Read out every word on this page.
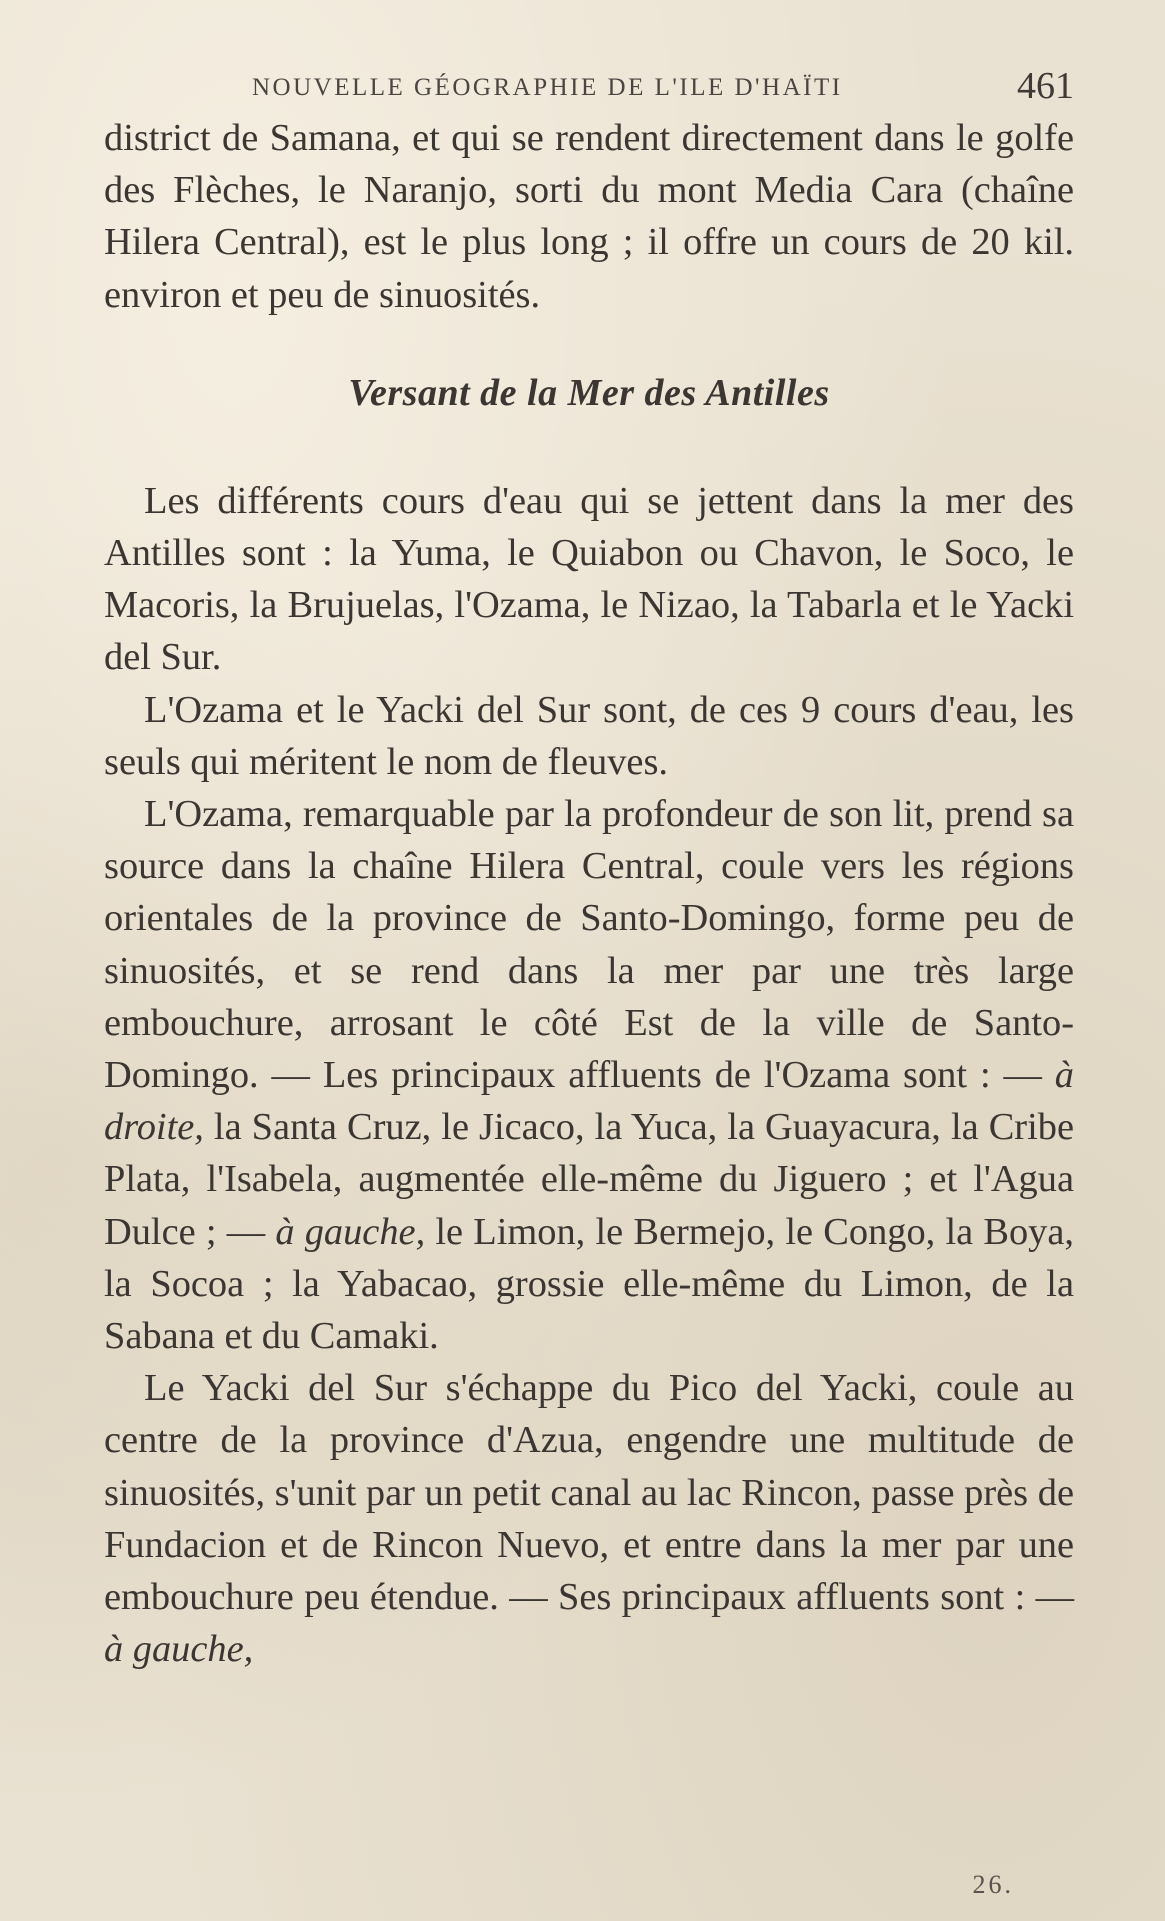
NOUVELLE GÉOGRAPHIE DE L'ILE D'HAÏTI	461

district de Samana, et qui se rendent directement dans le golfe des Flèches, le Naranjo, sorti du mont Media Cara (chaîne Hilera Central), est le plus long ; il offre un cours de 20 kil. environ et peu de sinuosités.

Versant de la Mer des Antilles

Les différents cours d'eau qui se jettent dans la mer des Antilles sont : la Yuma, le Quiabon ou Chavon, le Soco, le Macoris, la Brujuelas, l'Ozama, le Nizao, la Tabarla et le Yacki del Sur.

L'Ozama et le Yacki del Sur sont, de ces 9 cours d'eau, les seuls qui méritent le nom de fleuves.

L'Ozama, remarquable par la profondeur de son lit, prend sa source dans la chaîne Hilera Central, coule vers les régions orientales de la province de Santo-Domingo, forme peu de sinuosités, et se rend dans la mer par une très large embouchure, arrosant le côté Est de la ville de Santo-Domingo. — Les principaux affluents de l'Ozama sont : — à droite, la Santa Cruz, le Jicaco, la Yuca, la Guayacura, la Cribe Plata, l'Isabela, augmentée elle-même du Jiguero ; et l'Agua Dulce ; — à gauche, le Limon, le Bermejo, le Congo, la Boya, la Socoa ; la Yabacao, grossie elle-même du Limon, de la Sabana et du Camaki.

Le Yacki del Sur s'échappe du Pico del Yacki, coule au centre de la province d'Azua, engendre une multitude de sinuosités, s'unit par un petit canal au lac Rincon, passe près de Fundacion et de Rincon Nuevo, et entre dans la mer par une embouchure peu étendue. — Ses principaux affluents sont : — à gauche,

26.
